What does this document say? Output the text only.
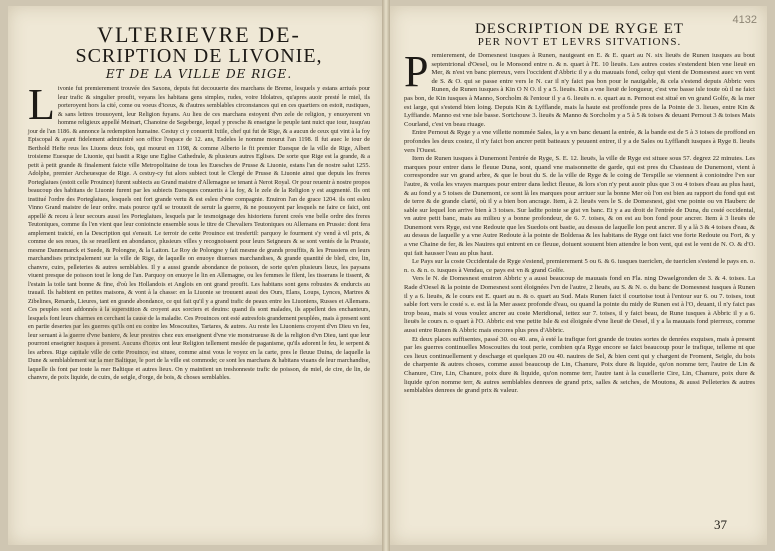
VLTERIEVRE DE-
SCRIPTION DE LIVONIE,
ET DE LA VILLE DE RIGE.

L ivonie fut premierement trouvée des Saxons, depuis fut decouuerte des marchans de Breme, lesquels y estans arriués pour leur trafic & singulier proufit, veyans les habitans gens simples, rudes, voire Idolatres, qu'apres auoir presté le miel, ils porteroyent hors la cité, come ou voeus d'iceux, & d'autres semblables circonstances qui en ces quartiers on estoit, rustiques, & sans lettres trouuoyent, leur Religion fuyans. Au lieu de ces marchans estoyent d'vn zele de religion, y enuoyerent vn homme religieux appellé Meinart, Chanoine de Segeberge, lequel y presche & enseigne le peuple tant nuict que iour, iusqu'au jour de l'an 1186. & annonce la redemption humaine. Cestuy ci y conuertit Ixtile, chef qui fut de Rige, & a aucun de ceux qui vint à la foy Episcopal & ayant fidelement administré son office l'espace de 12. ans, Esdeles le nomme mourut l'an 1198. Il fut auec le iour de Berthold Hefte reus les Liuons deux fois, qui mourut en 1198, & comme Alberto le fit premier Euesque de la ville de Rige, Albert troisieme Euesque de Liuonie, qui bastit a Rige une Eglise Cathedrale, & plusieurs autres Eglises. De sorte que Rige est la grande, & a petit à petit grande & finalement faicte ville Metropolitaine de tous les Euesches de Prusse & Liuonie, estans l'an de nostre salut 1255. Adolphe, premier Archeuesque de Rige. A cestuy-cy fut alors subiect tout le Clergé de Prusse & Liuonie ainsi que depuis les freres Porteglaiues (estoit celle Prouince) furent subiects au Grand maistre d'Allemagne se tenant à Nerot Royal. Or pour reuenir à nostre propos beaucoup des habitans de Liuonie furent par les subiects Euesques conuertis à la foy, & le zele de la Religion y est augmenté. Ils ont institué l'ordre des Porteglaiues, lesquels ont fort grande vertu & est esleu d'vne compagnie. Enuiron l'an de grace 1204. ils ont esleu Vinno Grand maistre de leur ordre. mais pource qu'il se trouuoit de seruir la guerre, & ne pouuoyent par lesquels ne faire ce faict, ont appellé & receu à leur secours aussi les Porteglaiues, lesquels par le tesmoignage des historiens furent creés vne belle ordre des freres Teutoniques, comme ils l'en vient que leur conioincte ensemble sous le titre de Chevaliers Teutoniques ou Allemans en Prussie: dont fera amplement traicté, en la Description qui s'ensuit. Le terroir de cette Prouince est tresfertil: parquoy le fourment s'y vend à vil prix, & comme de ses reues, ils se reueillent en abondance, plusieurs villes y recognoissent pour leurs Seigneurs & se sont ventés de la Prussie, mesme Dannemarck et Suede, & Polongne, & la Laiton. Le Roy de Polongne y fait mesme de grands prouffits, & les Prussiens en leurs marchandises principalement sur la ville de Rige, de laquelle on enuoye diuerses marchandises, & grande quantité de bled, cire, lin, chanvre, cuirs, pelleteries & autres semblables. Il y a aussi grande abondance de poisson, de sorte qu'en plusieurs lieux, les paysans viuent presque de poisson tout le long de l'an. Parquoy on enuoye le lin en Allemagne, ou les femmes le filent, les tisserans le tissent, & l'estain la toile tant bonne & fine, d'où les Hollandois et Anglois en ont grand proufit. Les habitans sont gens robustes & endurcis au trauail. Ils habitent en petites maisons, & vont à la chasse: en la Liuonie se trouuent aussi des Ours, Elans, Loups, Lynces, Martres & Zibelines, Renards, Lieures, tant en grande abondance, ce qui fait qu'il y a grand trafic de peaux entre les Liuoniens, Russes et Allemans. Ces peuples sont addonnés à la superstition & croyent aux sorciers et deuins: quand ils sont malades, ils appellent des enchanteurs, lesquels font leurs charmes en cerchant la cause de la maladie. Ces Prouinces ont esté autresfois grandement peuplées, mais à present sont en partie desertes par les guerres qu'ils ont eu contre les Moscouites, Tartares, & autres. Au reste les Liuoniens croyent d'vn Dieu vn feu, leur seruant à la guerre d'vne baniere, & leur prestres chez eux enseignent d'vne vie monstrueuse & de la religion d'vn Dieu, tant que leur pourront enseigner iusques à present. Aucuns d'iceux ont leur Religion tellement meslée de paganisme, qu'ils adorent le feu, le serpent & les arbres. Rige capitale ville de cette Prouince, est situee, comme ainsi vous le voyez en la carte, pres le fleuue Duina, de laquelle la Dune & semblablement sur la mer Baltique, le port de la ville est commode; ce sont les marchans & habitans viuans de leur marchandise, laquelle ils font par toute la mer Baltique et autres lieux. On y maintient un treshonneste trafic de poisson, de miel, de cire, de lin, de chanvre, de poix liquide, de cuirs, de seigle, d'orge, de bois, & choses semblables.

4132
DESCRIPTION DE RYGE ET
PER NOVT ET LEVRS SITVATIONS.

P remierement, de Domesnest iusques à Runen, nauigeant en E. & E. quart au N. six lieuës de Runen iusques au bout septentrional d'Oesel, ou le Monsond entre n. & n. quart à l'E. 10 lieuës. Les autres costes s'estendent bien vne lieuë en Mer, & n'est vn banc pierreux, vers l'occident d'Abbric il y a du mauuais fond, celuy qui vient de Domesnest auec vn vent de S. & O. qui se passe entre vers le N. car il n'y faict pas bon pour le nauigable, & cela s'estend depuis Abbric vers Runen, de Runen iusques à Kin O N O. il y a 5. lieuës. Kin a vne lieuë de longueur, c'est vne basse isle toute où il ne faict pas bon, de Kin iusques à Manno, Sorcholm & l'entour il y a 6. lieuës n. e. quart au n. Pernout est situé en vn grand Golfe, & la mer est large, qui s'estend bien loing. Depuis Kin & Lyfflande, mais la haute est proffonde pres de la Pointe de 3. lieues, entre Kin & Lyffiande. Manno est vne isle basse. Sortchouw 3. lieuës & Manno & Sorcholm y a 5 à 5 & toises & deuant Pernout 3 & toises Mais Courland, c'est vn beau riuage.

Entre Pernout & Ryge y a vne villette nommée Sales, la y a vn banc deuant la entrée, & la bande est de 5 à 3 toises de proffond en profondes les deux costez, il n'y faict bon ancrer petit batteaux y peuuent entrer, il y a de Sales ou Lyfflandt iusques à Ryge 8. lieuës vers l'Ouest.

Item de Runen iusques à Dunemont l'entrée de Ryge, S. E. 12. lieuës, la ville de Ryge est situee sous 57. degrez 22 minutes. Les marques pour entrer dans le fleuue Duna, sont, quand vne maisonnette de garde, qui est pres du Chasteau de Dunemont, vient à correspondre sur vn grand arbre, & que le bout du S. de la ville de Ryge & le coing de Terspille se viennent à conioindre l'vn sur l'autre, & voila les vrayes marques pour entrer dans ledict fleuue, & lors s'on n'y peut auoir plus que 3 ou 4 toises d'eau au plus haut, & au fond y a 5 toises de Dunemont, ce sont là les marques pour arriuer sur la bonne Mer où l'on est bien au rapport du fond qui est de terre & de grande clarté, où il y a bien bon ancrage. Item, à 2. lieuës vers le S. de Domesnest, gist vne pointe ou vn Hauberc de sable sur lequel lon arrive bien à 3 toises. Sur ladite pointe se gist vn banc. Et y a au droit de l'entrée de Duna, du costé occidental, vn autre petit banc, mais au milieu y a bonne profondeur, de 6. 7. toises, & on est au bon fond pour ancrer. Item à 3 lieuës de Dunemont vers Ryge, est vne Redoute que les Suedois ont bastie, au dessus de laquelle lon peut ancrer. Il y a là 3 & 4 toises d'eau, & au dessus de laquelle y a vne Autre Redoute à la pointe de Bolderaa & les habitans de Ryge ont faict vne forte Redoute ou Fort, & y a vne Chaine de fer, & les Nauires qui entrent en ce fleuue, doiuent souuent bien attendre le bon vent, qui est le vent de N. O. & d'O. qui fait hausser l'eau au plus haut.

Le Pays sur la coste Occidentale de Ryge s'estend, premierement 5 ou 6. & 6. iusques tuericlen, de tuericlen s'estend le pays en. o. n. o. & n. o. iusques à Vendau, ce pays est vn & grand Golfe.

Vers le N. de Domesnest enuiron Abbric y a aussi beaucoup de mauuais fond en Fla. ning Dwaelgronden de 3. & 4. toises. La Rade d'Oesel & la pointe de Domesnest sont éloignées l'vn de l'autre, 2 lieuës, au S. & N. o. du banc de Domesnest iusques à Runen il y a 6. lieuës, & le cours est E. quart au n. & o. quart au Sud. Mais Runen faict il courtoise tout à l'entour sur 6. ou 7. toises, tout sable fort vers le costé s. e. est là la Mer assez profonde d'eau, ou quand la pointe du midy de Runen est à l'O, deuant, il n'y faict pas trop beau, mais si vous voulez ancrer au coste Meridional, iettez sur 7. toises, il y faict beau, de Rune iusques à Abbric il y a 6. lieuës le cours n. o quart à l'O. Abbric est vne petite Isle & est éloignée d'vne lieuë de Oesel, il y a la mauuais fond pierreux, comme aussi entre Runen & Abbric mais encores plus pres d'Abbric.

Et deux places suffisentes, passé 30. ou 40. ans, à esté la trafique fort grande de toutes sortes de denrées exquises, mais à present par les guerres continuelles Moscouites du tout perie, combien qu'a Ryge encore se faict beaucoup pour le trafique, telleme nt que ces lieux continuellement y descharge et quelques 20 ou 40. nauires de Sel, & bien cent qui y chargent de Froment, Seigle, du bois de charpente & autres choses, comme aussi beaucoup de Lin, Chanure, Poix dure & liquide, qu'on nomme terr, l'autre de Lin & Chanure, Cire, Lin, Chanure, poix dure & liquide, qu'on nomme terr, l'autre tant à la cuuellerie Cire, Lin, Chanure, poix dure & liquide qu'on nomme terr, & autres semblables denrees de grand prix, salles & seiches, de Moutons, & aussi Pelleteries & autres semblables denrees de grand prix & valeur.

37
